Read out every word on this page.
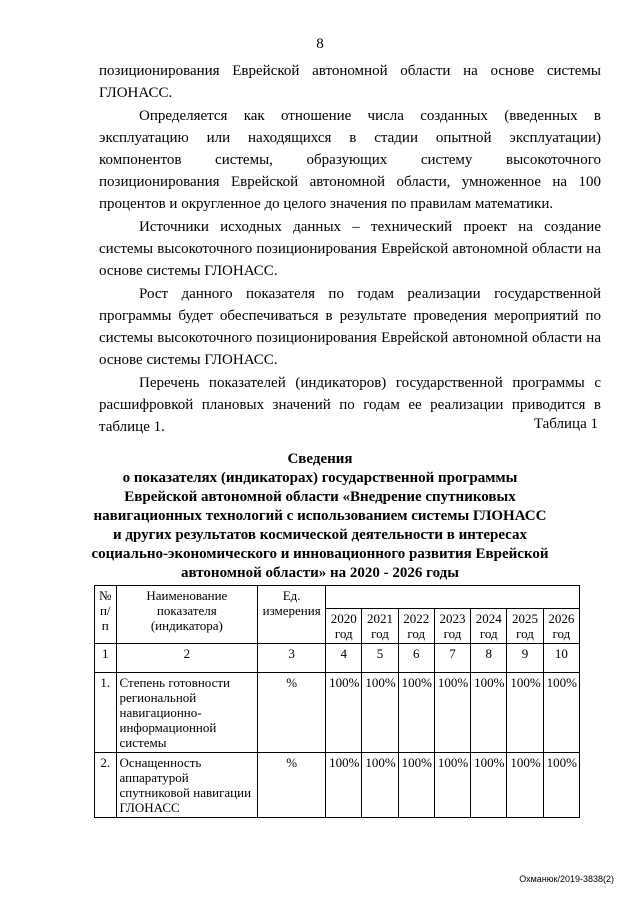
8

позиционирования Еврейской автономной области на основе системы ГЛОНАСС.

Определяется как отношение числа созданных (введенных в эксплуатацию или находящихся в стадии опытной эксплуатации) компонентов системы, образующих систему высокоточного позиционирования Еврейской автономной области, умноженное на 100 процентов и округленное до целого значения по правилам математики.

Источники исходных данных – технический проект на создание системы высокоточного позиционирования Еврейской автономной области на основе системы ГЛОНАСС.

Рост данного показателя по годам реализации государственной программы будет обеспечиваться в результате проведения мероприятий по системы высокоточного позиционирования Еврейской автономной области на основе системы ГЛОНАСС.

Перечень показателей (индикаторов) государственной программы с расшифровкой плановых значений по годам ее реализации приводится в таблице 1.	Таблица 1
Сведения
о показателях (индикаторах) государственной программы Еврейской автономной области «Внедрение спутниковых навигационных технологий с использованием системы ГЛОНАСС и других результатов космической деятельности в интересах социально-экономического и инновационного развития Еврейской автономной области» на 2020 - 2026 годы
№ п/п	Наименование показателя (индикатора)	Ед. измерения							
			2020 год	2021 год	2022 год	2023 год	2024 год	2025 год	2026 год
1	2	3	4	5	6	7	8	9	10
1.	Степень готовности региональной навигационно-информационной системы	%	100%	100%	100%	100%	100%	100%	100%
2.	Оснащенность аппаратурой спутниковой навигации ГЛОНАСС	%	100%	100%	100%	100%	100%	100%	100%
Охманюк/2019-3838(2)
